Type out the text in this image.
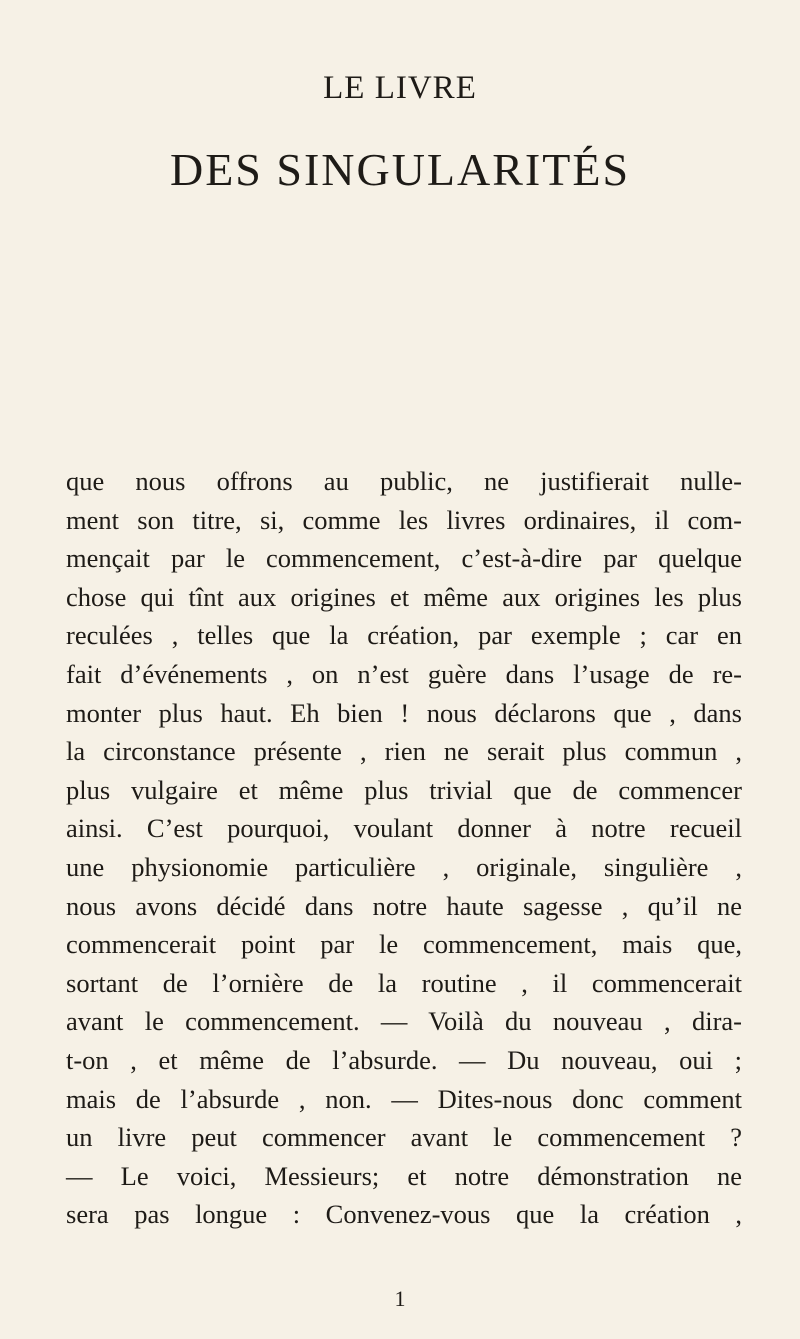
LE LIVRE
DES SINGULARITÉS
que nous offrons au public, ne justifierait nulle-
ment son titre, si, comme les livres ordinaires, il com-
mençait par le commencement, c’est-à-dire par quelque
chose qui tînt aux origines et même aux origines les plus
reculées , telles que la création, par exemple ; car en
fait d’événements , on n’est guère dans l’usage de re-
monter plus haut. Eh bien ! nous déclarons que , dans
la circonstance présente , rien ne serait plus commun ,
plus vulgaire et même plus trivial que de commencer
ainsi. C’est pourquoi, voulant donner à notre recueil
une physionomie particulière , originale, singulière ,
nous avons décidé dans notre haute sagesse , qu’il ne
commencerait point par le commencement, mais que,
sortant de l’ornière de la routine , il commencerait
avant le commencement. — Voilà du nouveau , dira-
t-on , et même de l’absurde. — Du nouveau, oui ;
mais de l’absurde , non. — Dites-nous donc comment
un livre peut commencer avant le commencement ?
— Le voici, Messieurs; et notre démonstration ne
sera pas longue : Convenez-vous que la création ,
1
